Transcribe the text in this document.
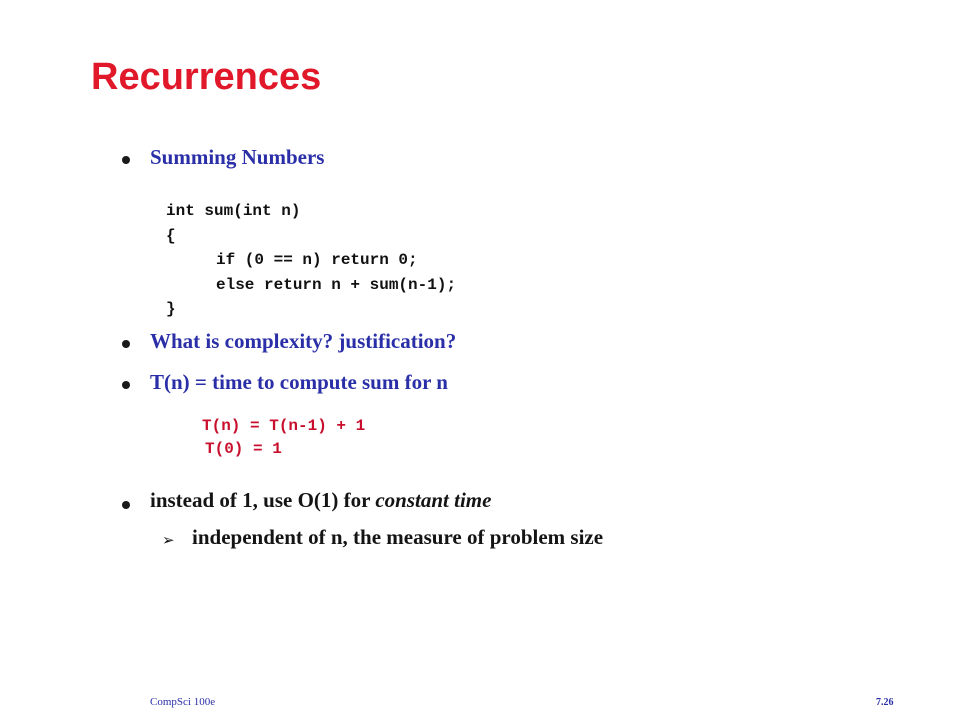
Recurrences
Summing Numbers
int sum(int n)
{
if (0 == n) return 0;
else return n + sum(n-1);
}
What is complexity? justification?
T(n) = time to compute sum for n
T(n) = T(n-1) + 1
T(0) = 1
instead of 1, use O(1) for constant time
➢ independent of n, the measure of problem size
CompSci 100e	7.26
